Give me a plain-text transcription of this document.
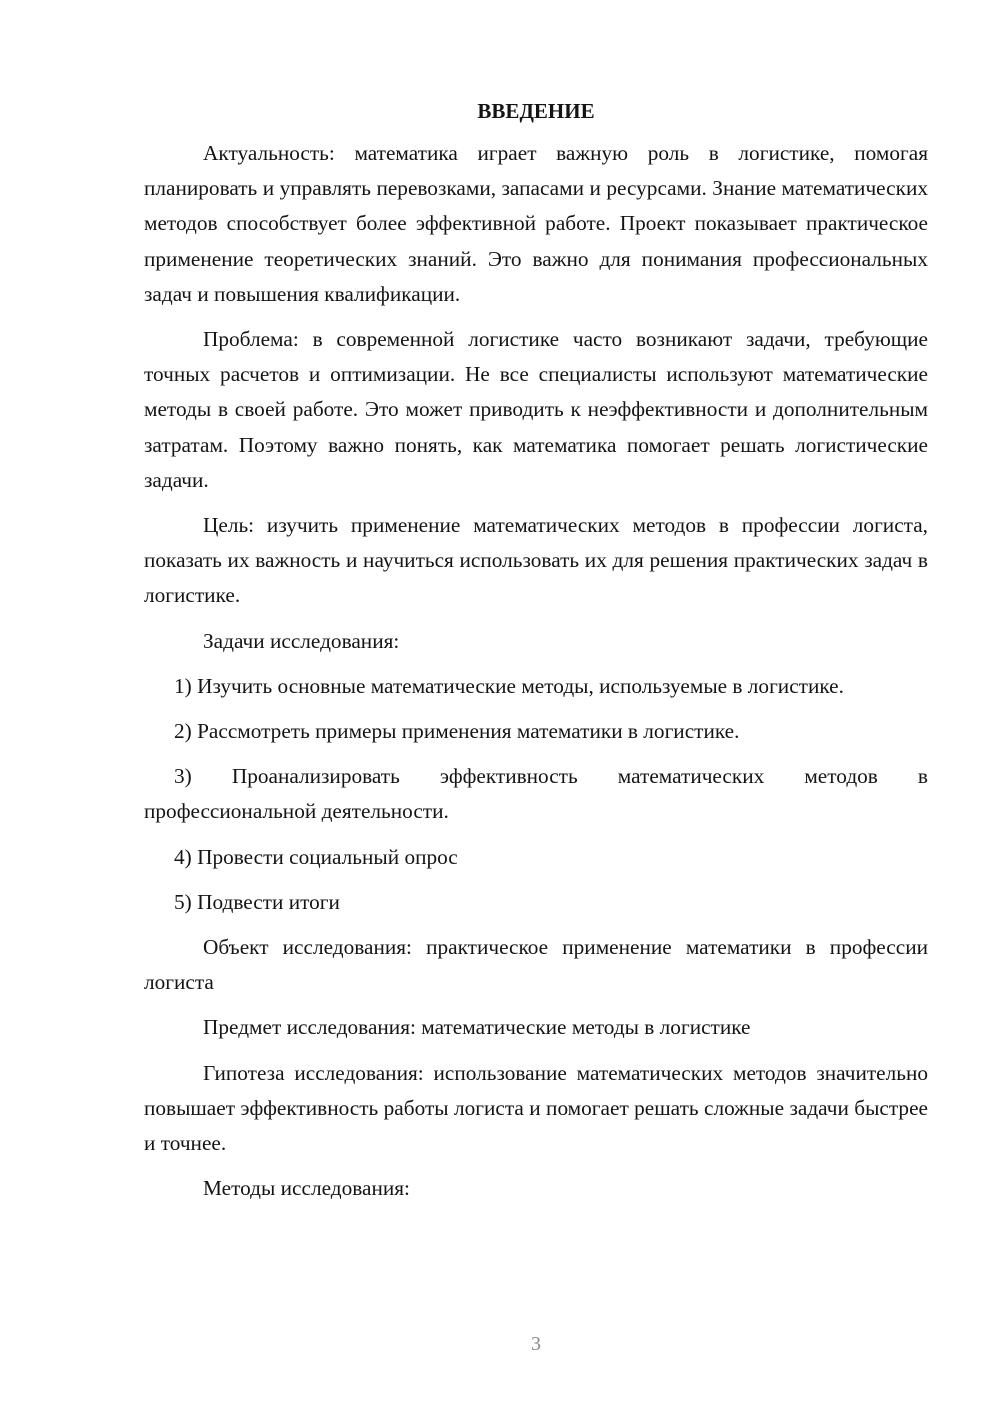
ВВЕДЕНИЕ

Актуальность: математика играет важную роль в логистике, помогая планировать и управлять перевозками, запасами и ресурсами. Знание математических методов способствует более эффективной работе. Проект показывает практическое применение теоретических знаний. Это важно для понимания профессиональных задач и повышения квалификации.

Проблема: в современной логистике часто возникают задачи, требующие точных расчетов и оптимизации. Не все специалисты используют математические методы в своей работе. Это может приводить к неэффективности и дополнительным затратам. Поэтому важно понять, как математика помогает решать логистические задачи.

Цель: изучить применение математических методов в профессии логиста, показать их важность и научиться использовать их для решения практических задач в логистике.

Задачи исследования:

1) Изучить основные математические методы, используемые в логистике.

2) Рассмотреть примеры применения математики в логистике.

3) Проанализировать эффективность математических методов в профессиональной деятельности.

4) Провести социальный опрос

5) Подвести итоги

Объект исследования: практическое применение математики в профессии логиста

Предмет исследования: математические методы в логистике

Гипотеза исследования: использование математических методов значительно повышает эффективность работы логиста и помогает решать сложные задачи быстрее и точнее.

Методы исследования:

3
